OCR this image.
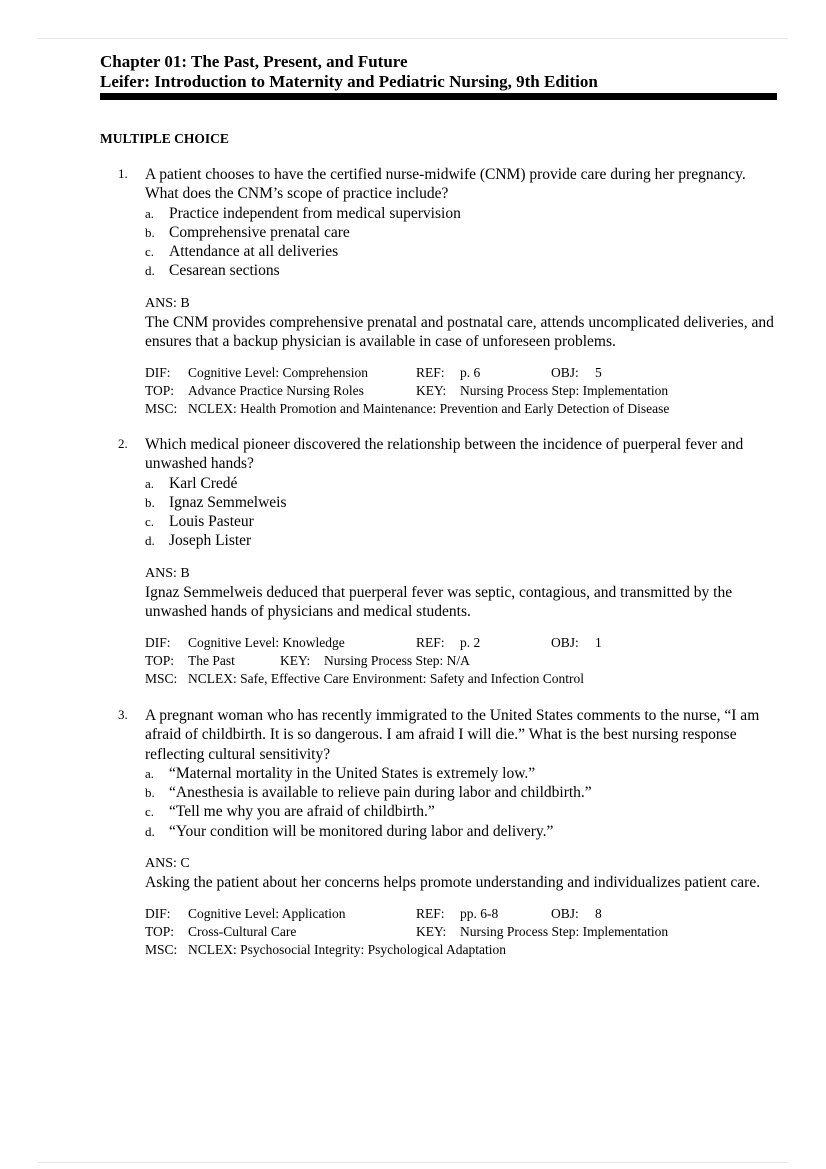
Chapter 01: The Past, Present, and Future
Leifer: Introduction to Maternity and Pediatric Nursing, 9th Edition
MULTIPLE CHOICE
1. A patient chooses to have the certified nurse-midwife (CNM) provide care during her pregnancy. What does the CNM’s scope of practice include?
a. Practice independent from medical supervision
b. Comprehensive prenatal care
c. Attendance at all deliveries
d. Cesarean sections
ANS: B
The CNM provides comprehensive prenatal and postnatal care, attends uncomplicated deliveries, and ensures that a backup physician is available in case of unforeseen problems.
DIF: Cognitive Level: Comprehension	REF: p. 6	OBJ: 5
TOP: Advance Practice Nursing Roles	KEY: Nursing Process Step: Implementation
MSC: NCLEX: Health Promotion and Maintenance: Prevention and Early Detection of Disease
2. Which medical pioneer discovered the relationship between the incidence of puerperal fever and unwashed hands?
a. Karl Credé
b. Ignaz Semmelweis
c. Louis Pasteur
d. Joseph Lister
ANS: B
Ignaz Semmelweis deduced that puerperal fever was septic, contagious, and transmitted by the unwashed hands of physicians and medical students.
DIF: Cognitive Level: Knowledge	REF: p. 2	OBJ: 1
TOP: The Past	KEY: Nursing Process Step: N/A
MSC: NCLEX: Safe, Effective Care Environment: Safety and Infection Control
3. A pregnant woman who has recently immigrated to the United States comments to the nurse, “I am afraid of childbirth. It is so dangerous. I am afraid I will die.” What is the best nursing response reflecting cultural sensitivity?
a. “Maternal mortality in the United States is extremely low.”
b. “Anesthesia is available to relieve pain during labor and childbirth.”
c. “Tell me why you are afraid of childbirth.”
d. “Your condition will be monitored during labor and delivery.”
ANS: C
Asking the patient about her concerns helps promote understanding and individualizes patient care.
DIF: Cognitive Level: Application	REF: pp. 6-8	OBJ: 8
TOP: Cross-Cultural Care	KEY: Nursing Process Step: Implementation
MSC: NCLEX: Psychosocial Integrity: Psychological Adaptation
